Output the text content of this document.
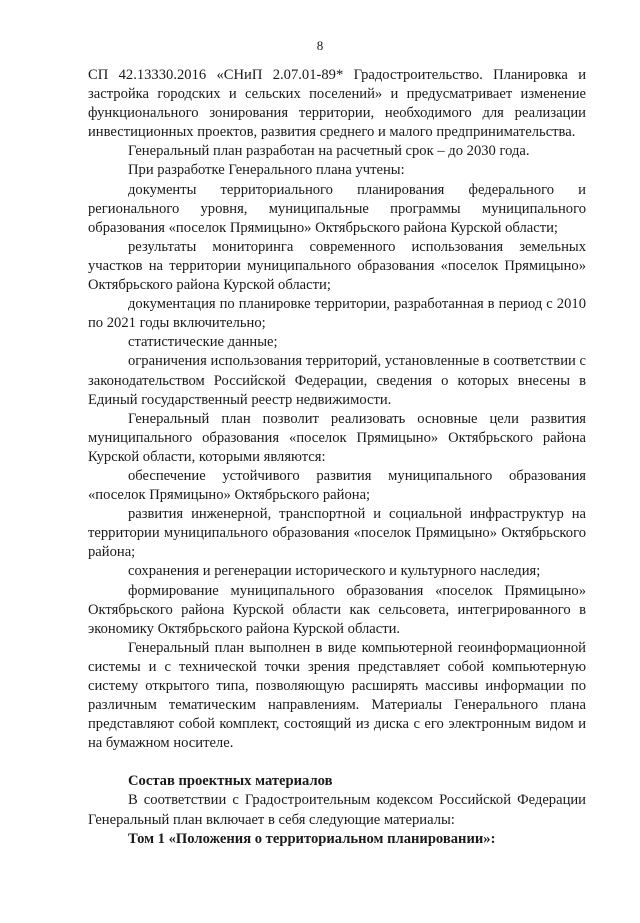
8

СП 42.13330.2016 «СНиП 2.07.01-89* Градостроительство. Планировка и застройка городских и сельских поселений» и предусматривает изменение функционального зонирования территории, необходимого для реализации инвестиционных проектов, развития среднего и малого предпринимательства.

Генеральный план разработан на расчетный срок – до 2030 года.

При разработке Генерального плана учтены:

документы территориального планирования федерального и регионального уровня, муниципальные программы муниципального образования «поселок Прямицыно» Октябрьского района Курской области;

результаты мониторинга современного использования земельных участков на территории муниципального образования «поселок Прямицыно» Октябрьского района Курской области;

документация по планировке территории, разработанная в период с 2010 по 2021 годы включительно;

статистические данные;

ограничения использования территорий, установленные в соответствии с законодательством Российской Федерации, сведения о которых внесены в Единый государственный реестр недвижимости.

Генеральный план позволит реализовать основные цели развития муниципального образования «поселок Прямицыно» Октябрьского района Курской области, которыми являются:

обеспечение устойчивого развития муниципального образования «поселок Прямицыно» Октябрьского района;

развития инженерной, транспортной и социальной инфраструктур на территории муниципального образования «поселок Прямицыно» Октябрьского района;

сохранения и регенерации исторического и культурного наследия;

формирование муниципального образования «поселок Прямицыно» Октябрьского района Курской области как сельсовета, интегрированного в экономику Октябрьского района Курской области.

Генеральный план выполнен в виде компьютерной геоинформационной системы и с технической точки зрения представляет собой компьютерную систему открытого типа, позволяющую расширять массивы информации по различным тематическим направлениям. Материалы Генерального плана представляют собой комплект, состоящий из диска с его электронным видом и на бумажном носителе.

Состав проектных материалов

В соответствии с Градостроительным кодексом Российской Федерации Генеральный план включает в себя следующие материалы:

Том 1 «Положения о территориальном планировании»:
